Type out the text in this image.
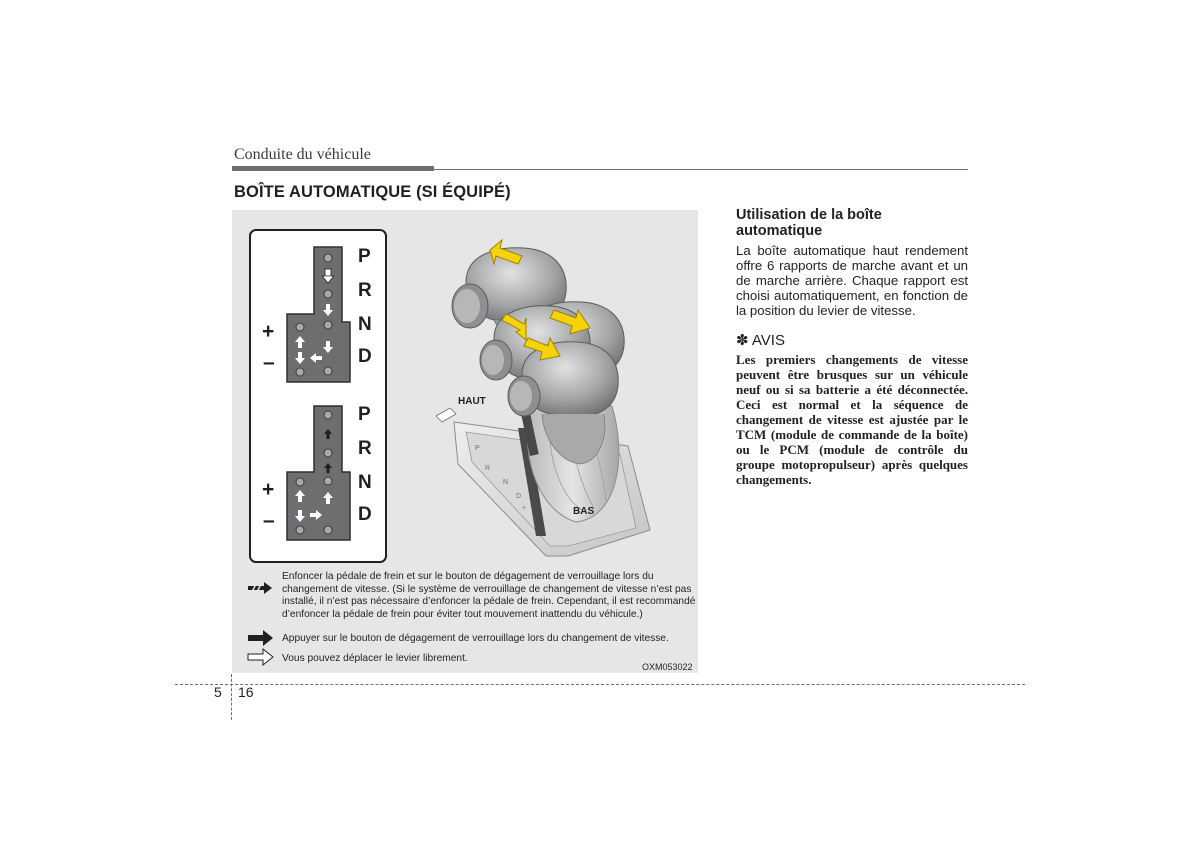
Conduite du véhicule
BOÎTE AUTOMATIQUE (SI ÉQUIPÉ)
P
R
N
D
P
R
N
D
+
–
+
–
P
R
N
D
+
–
HAUT
BAS
Enfoncer la pédale de frein et sur le bouton de dégagement de verrouillage lors du changement de vitesse. (Si le système de verrouillage de changement de vitesse n’est pas installé, il n’est pas nécessaire d’enfoncer la pédale de frein. Cependant, il est recommandé d’enfoncer la pédale de frein pour éviter tout mouvement inattendu du véhicule.)
Appuyer sur le bouton de dégagement de verrouillage lors du changement de vitesse.
Vous pouvez déplacer le levier librement.
OXM053022
Utilisation de la boîte automatique

La boîte automatique haut rendement offre 6 rapports de marche avant et un de marche arrière. Chaque rapport est choisi automatiquement, en fonction de la position du levier de vitesse.

✽ AVIS

Les premiers changements de vitesse peuvent être brusques sur un véhicule neuf ou si sa batterie a été déconnectée. Ceci est normal et la séquence de changement de vitesse est ajustée par le TCM (module de commande de la boîte) ou le PCM (module de contrôle du groupe motopropulseur) après quelques changements.

5 16
